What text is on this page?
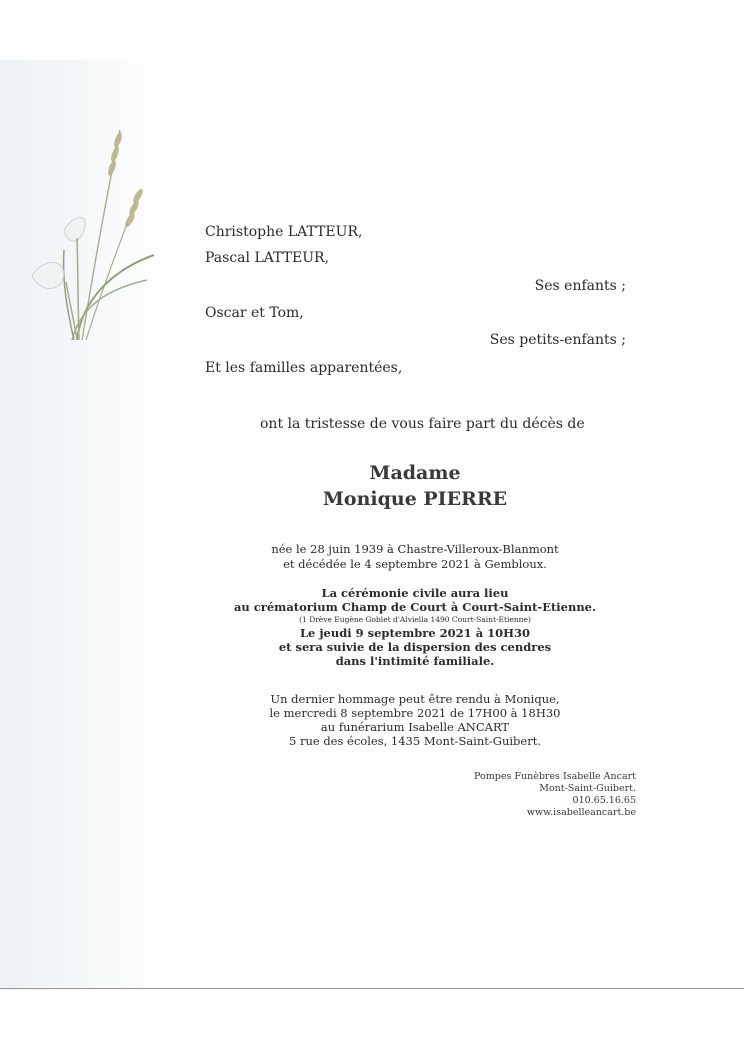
Christophe LATTEUR,
Pascal LATTEUR,
Ses enfants ;
Oscar et Tom,
Ses petits-enfants ;
Et les familles apparentées,
ont la tristesse de vous faire part du décès de
Madame
Monique PIERRE
née le 28 juin 1939 à Chastre-Villeroux-Blanmont
et décédée le 4 septembre 2021 à Gembloux.
La cérémonie civile aura lieu
au crématorium Champ de Court à Court-Saint-Etienne.
(1 Drève Eugène Goblet d'Alviella 1490 Court-Saint-Etienne)
Le jeudi 9 septembre 2021 à 10H30
et sera suivie de la dispersion des cendres
dans l'intimité familiale.
Un dernier hommage peut être rendu à Monique,
le mercredi 8 septembre 2021 de 17H00 à 18H30
au funérarium Isabelle ANCART
5 rue des écoles, 1435 Mont-Saint-Guibert.
Pompes Funèbres Isabelle Ancart
Mont-Saint-Guibert.
010.65.16.65
www.isabelleancart.be
